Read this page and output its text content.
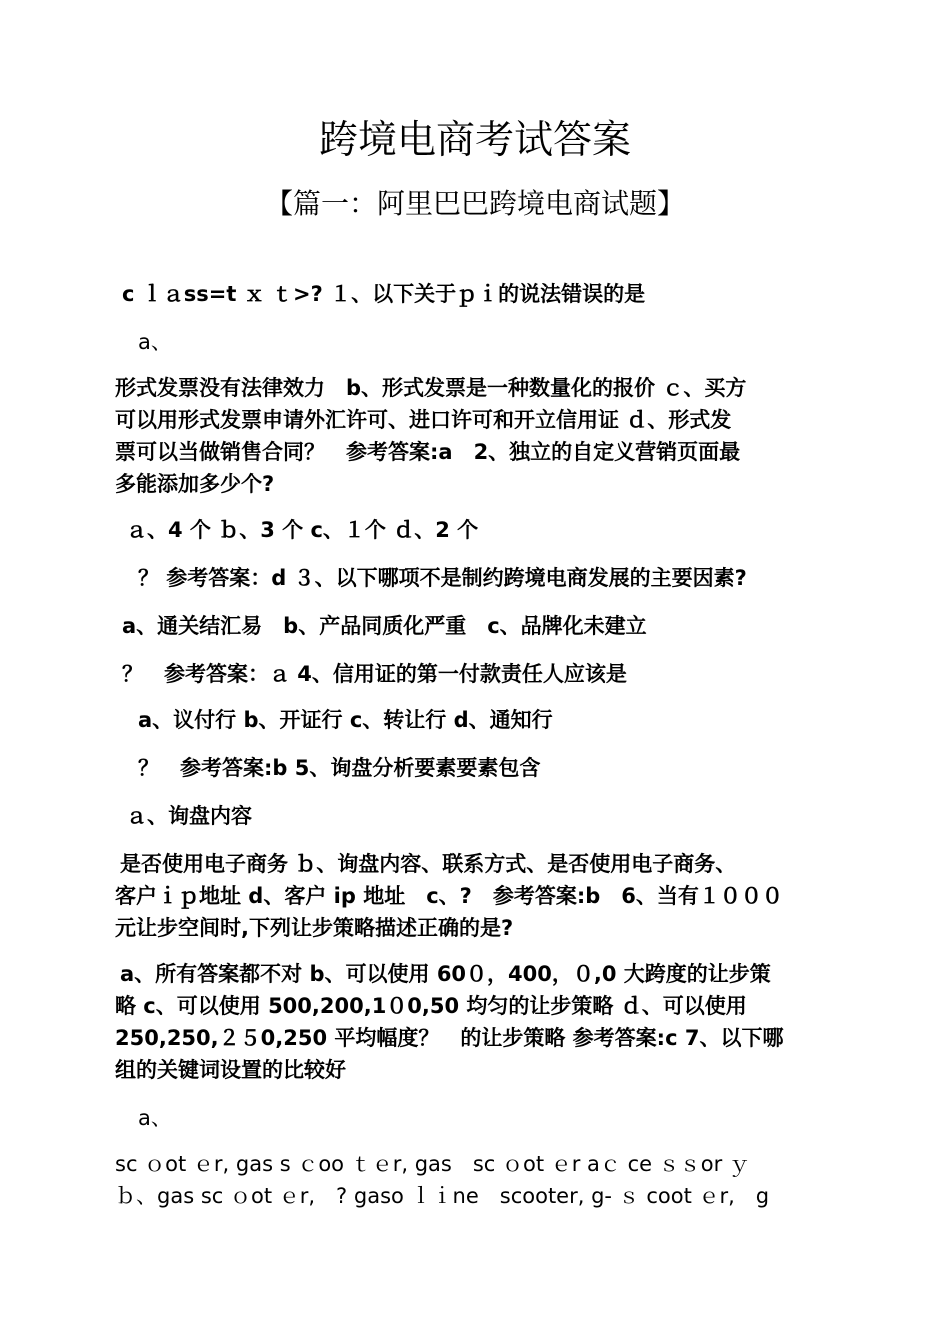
跨境电商考试答案
【篇一：阿里巴巴跨境电商试题】
c ｌａss=t ｘ ｔ>? １、以下关于ｐｉ的说法错误的是
a、
形式发票没有法律效力　b、形式发票是一种数量化的报价 ｃ、买方
可以用形式发票申请外汇许可、进口许可和开立信用证 ｄ、形式发
票可以当做销售合同？　参考答案:a　2、独立的自定义营销页面最
多能添加多少个?
ａ、4 个 ｂ、3 个 c、１个 ｄ、2 个
？ 参考答案：d ３、以下哪项不是制约跨境电商发展的主要因素?
a、通关结汇易　b、产品同质化严重　c、品牌化未建立
？　参考答案：ａ 4、信用证的第一付款责任人应该是
a、议付行 b、开证行 c、转让行 d、通知行
？　参考答案:b 5、询盘分析要素要素包含
ａ、询盘内容
是否使用电子商务 ｂ、询盘内容、联系方式、是否使用电子商务、
客户ｉｐ地址 d、客户 ip 地址　c、?　参考答案:b　6、当有１０００
元让步空间时,下列让步策略描述正确的是?
a、所有答案都不对 b、可以使用 60０，400，０,0 大跨度的让步策
略 c、可以使用 500,200,1０0,50 均匀的让步策略 ｄ、可以使用
250,250,２５0,250 平均幅度？　的让步策略 参考答案:c 7、以下哪
组的关键词设置的比较好
a、
sc ｏot ｅr, gas s ｃoo ｔｅr, gas　sc ｏot ｅr aｃ ce ｓｓor ｙ
ｂ、gas sc ｏot ｅr,　? gaso ｌｉne　scooter, g- ｓ coot ｅr,　g
